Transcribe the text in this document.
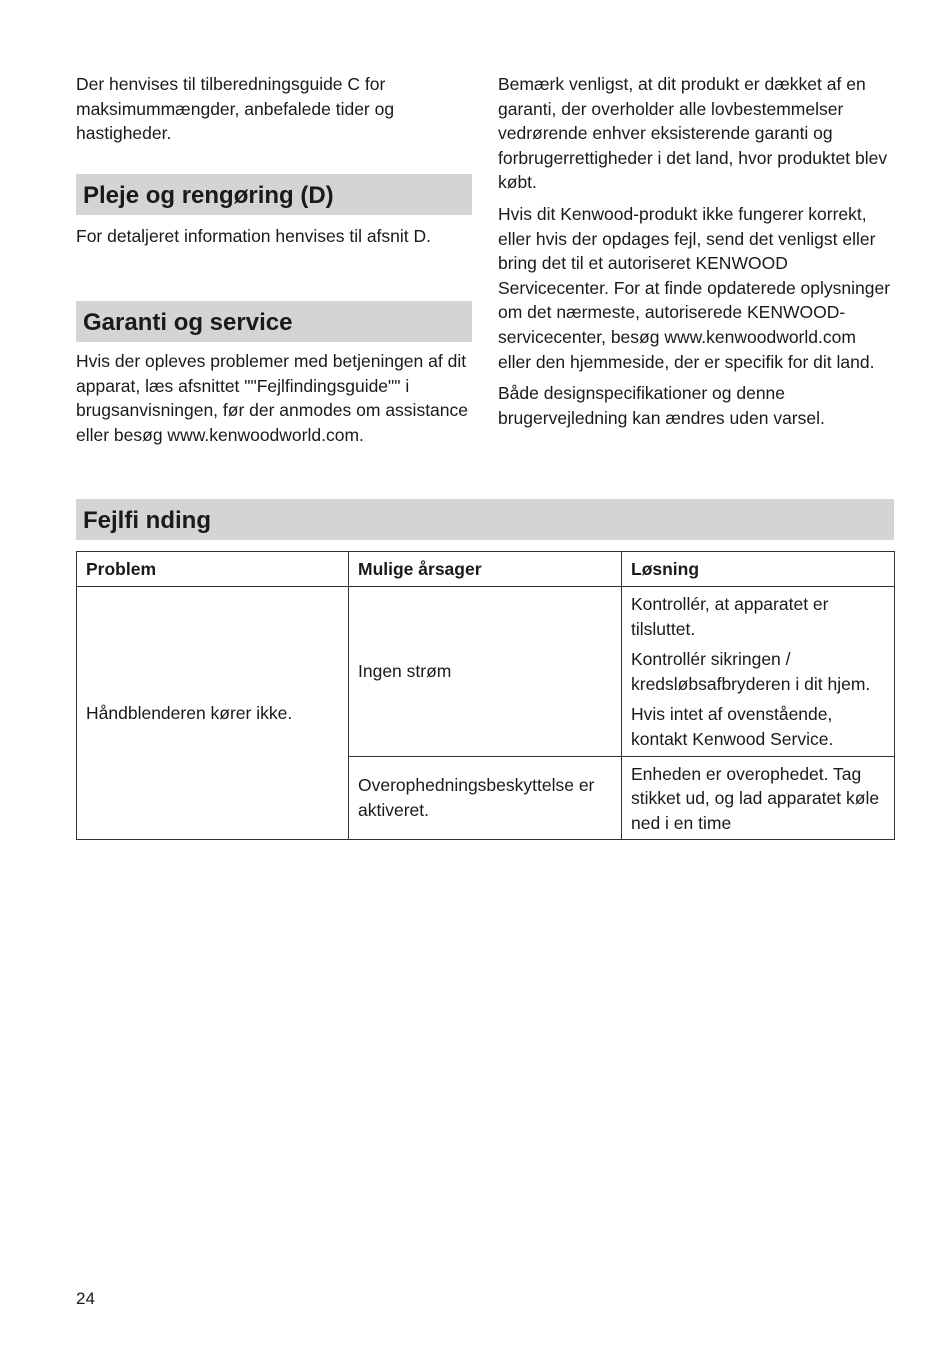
Der henvises til tilberedningsguide C for maksimummængder, anbefalede tider og hastigheder.

Pleje og rengøring (D)

For detaljeret information henvises til afsnit D.

Garanti og service

Hvis der opleves problemer med betjeningen af dit apparat, læs afsnittet ""Fejlfindingsguide"" i brugsanvisningen, før der anmodes om assistance eller besøg www.kenwoodworld.com.

Bemærk venligst, at dit produkt er dækket af en garanti, der overholder alle lovbestemmelser vedrørende enhver eksisterende garanti og forbrugerrettigheder i det land, hvor produktet blev købt.

Hvis dit Kenwood-produkt ikke fungerer korrekt, eller hvis der opdages fejl, send det venligst eller bring det til et autoriseret KENWOOD Servicecenter. For at finde opdaterede oplysninger om det nærmeste, autoriserede KENWOOD-servicecenter, besøg www.kenwoodworld.com eller den hjemmeside, der er specifik for dit land.

Både designspecifikationer og denne brugervejledning kan ændres uden varsel.

Fejlfi nding
Problem	Mulige årsager	Løsning
Håndblenderen kører ikke.	Ingen strøm	Kontrollér, at apparatet er tilsluttet.
Kontrollér sikringen / kredsløbsafbryderen i dit hjem.
Hvis intet af ovenstående, kontakt Kenwood Service.

	Overophedningsbeskyttelse er aktiveret.	Enheden er overophedet. Tag stikket ud, og lad apparatet køle ned i en time
24
